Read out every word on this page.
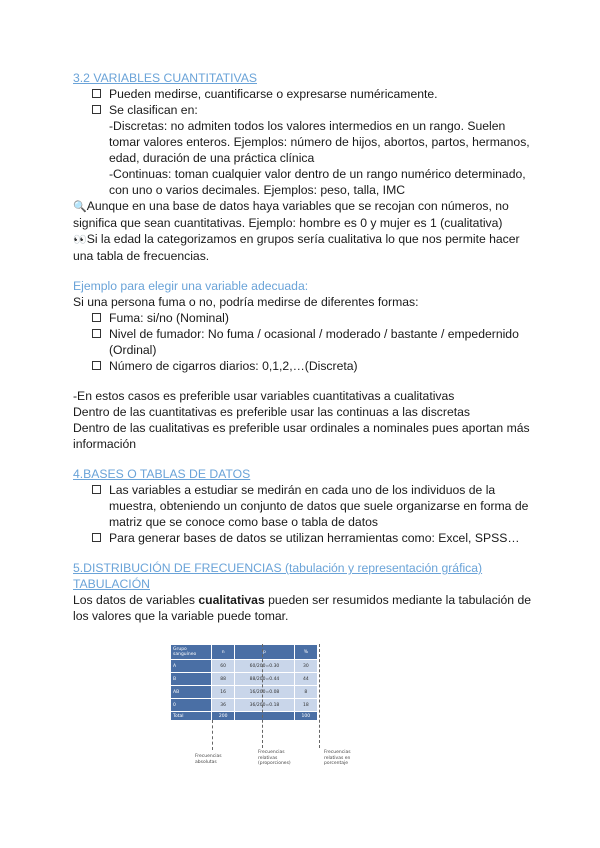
3.2 VARIABLES CUANTITATIVAS
Pueden medirse, cuantificarse o expresarse numéricamente.
Se clasifican en:
-Discretas: no admiten todos los valores intermedios en un rango. Suelen tomar valores enteros. Ejemplos: número de hijos, abortos, partos, hermanos, edad, duración de una práctica clínica
-Continuas: toman cualquier valor dentro de un rango numérico determinado, con uno o varios decimales. Ejemplos: peso, talla, IMC
🔍Aunque en una base de datos haya variables que se recojan con números, no significa que sean cuantitativas. Ejemplo: hombre es 0 y mujer es 1 (cualitativa)
👀Si la edad la categorizamos en grupos sería cualitativa lo que nos permite hacer una tabla de frecuencias.
Ejemplo para elegir una variable adecuada:
Si una persona fuma o no, podría medirse de diferentes formas:
Fuma: si/no (Nominal)
Nivel de fumador: No fuma / ocasional / moderado / bastante / empedernido (Ordinal)
Número de cigarros diarios: 0,1,2,…(Discreta)
-En estos casos es preferible usar variables cuantitativas a cualitativas
Dentro de las cuantitativas es preferible usar las continuas a las discretas
Dentro de las cualitativas es preferible usar ordinales a nominales pues aportan más información
4.BASES O TABLAS DE DATOS
Las variables a estudiar se medirán en cada uno de los individuos de la muestra, obteniendo un conjunto de datos que suele organizarse en forma de matriz que se conoce como base o tabla de datos
Para generar bases de datos se utilizan herramientas como: Excel, SPSS…
5.DISTRIBUCIÓN DE FRECUENCIAS (tabulación y representación gráfica)
TABULACIÓN
Los datos de variables cualitativas pueden ser resumidos mediante la tabulación de los valores que la variable puede tomar.
Grupo sanguíneo	n	p	%
A	60	60/200=0.30	30
B	88	88/200=0.44	44
AB	16	16/200=0.08	8
0	36	36/200=0.18	18
Total	200		100
Frecuencias absolutas
Frecuencias relativas (proporciones)
Frecuencias relativas en porcentaje
